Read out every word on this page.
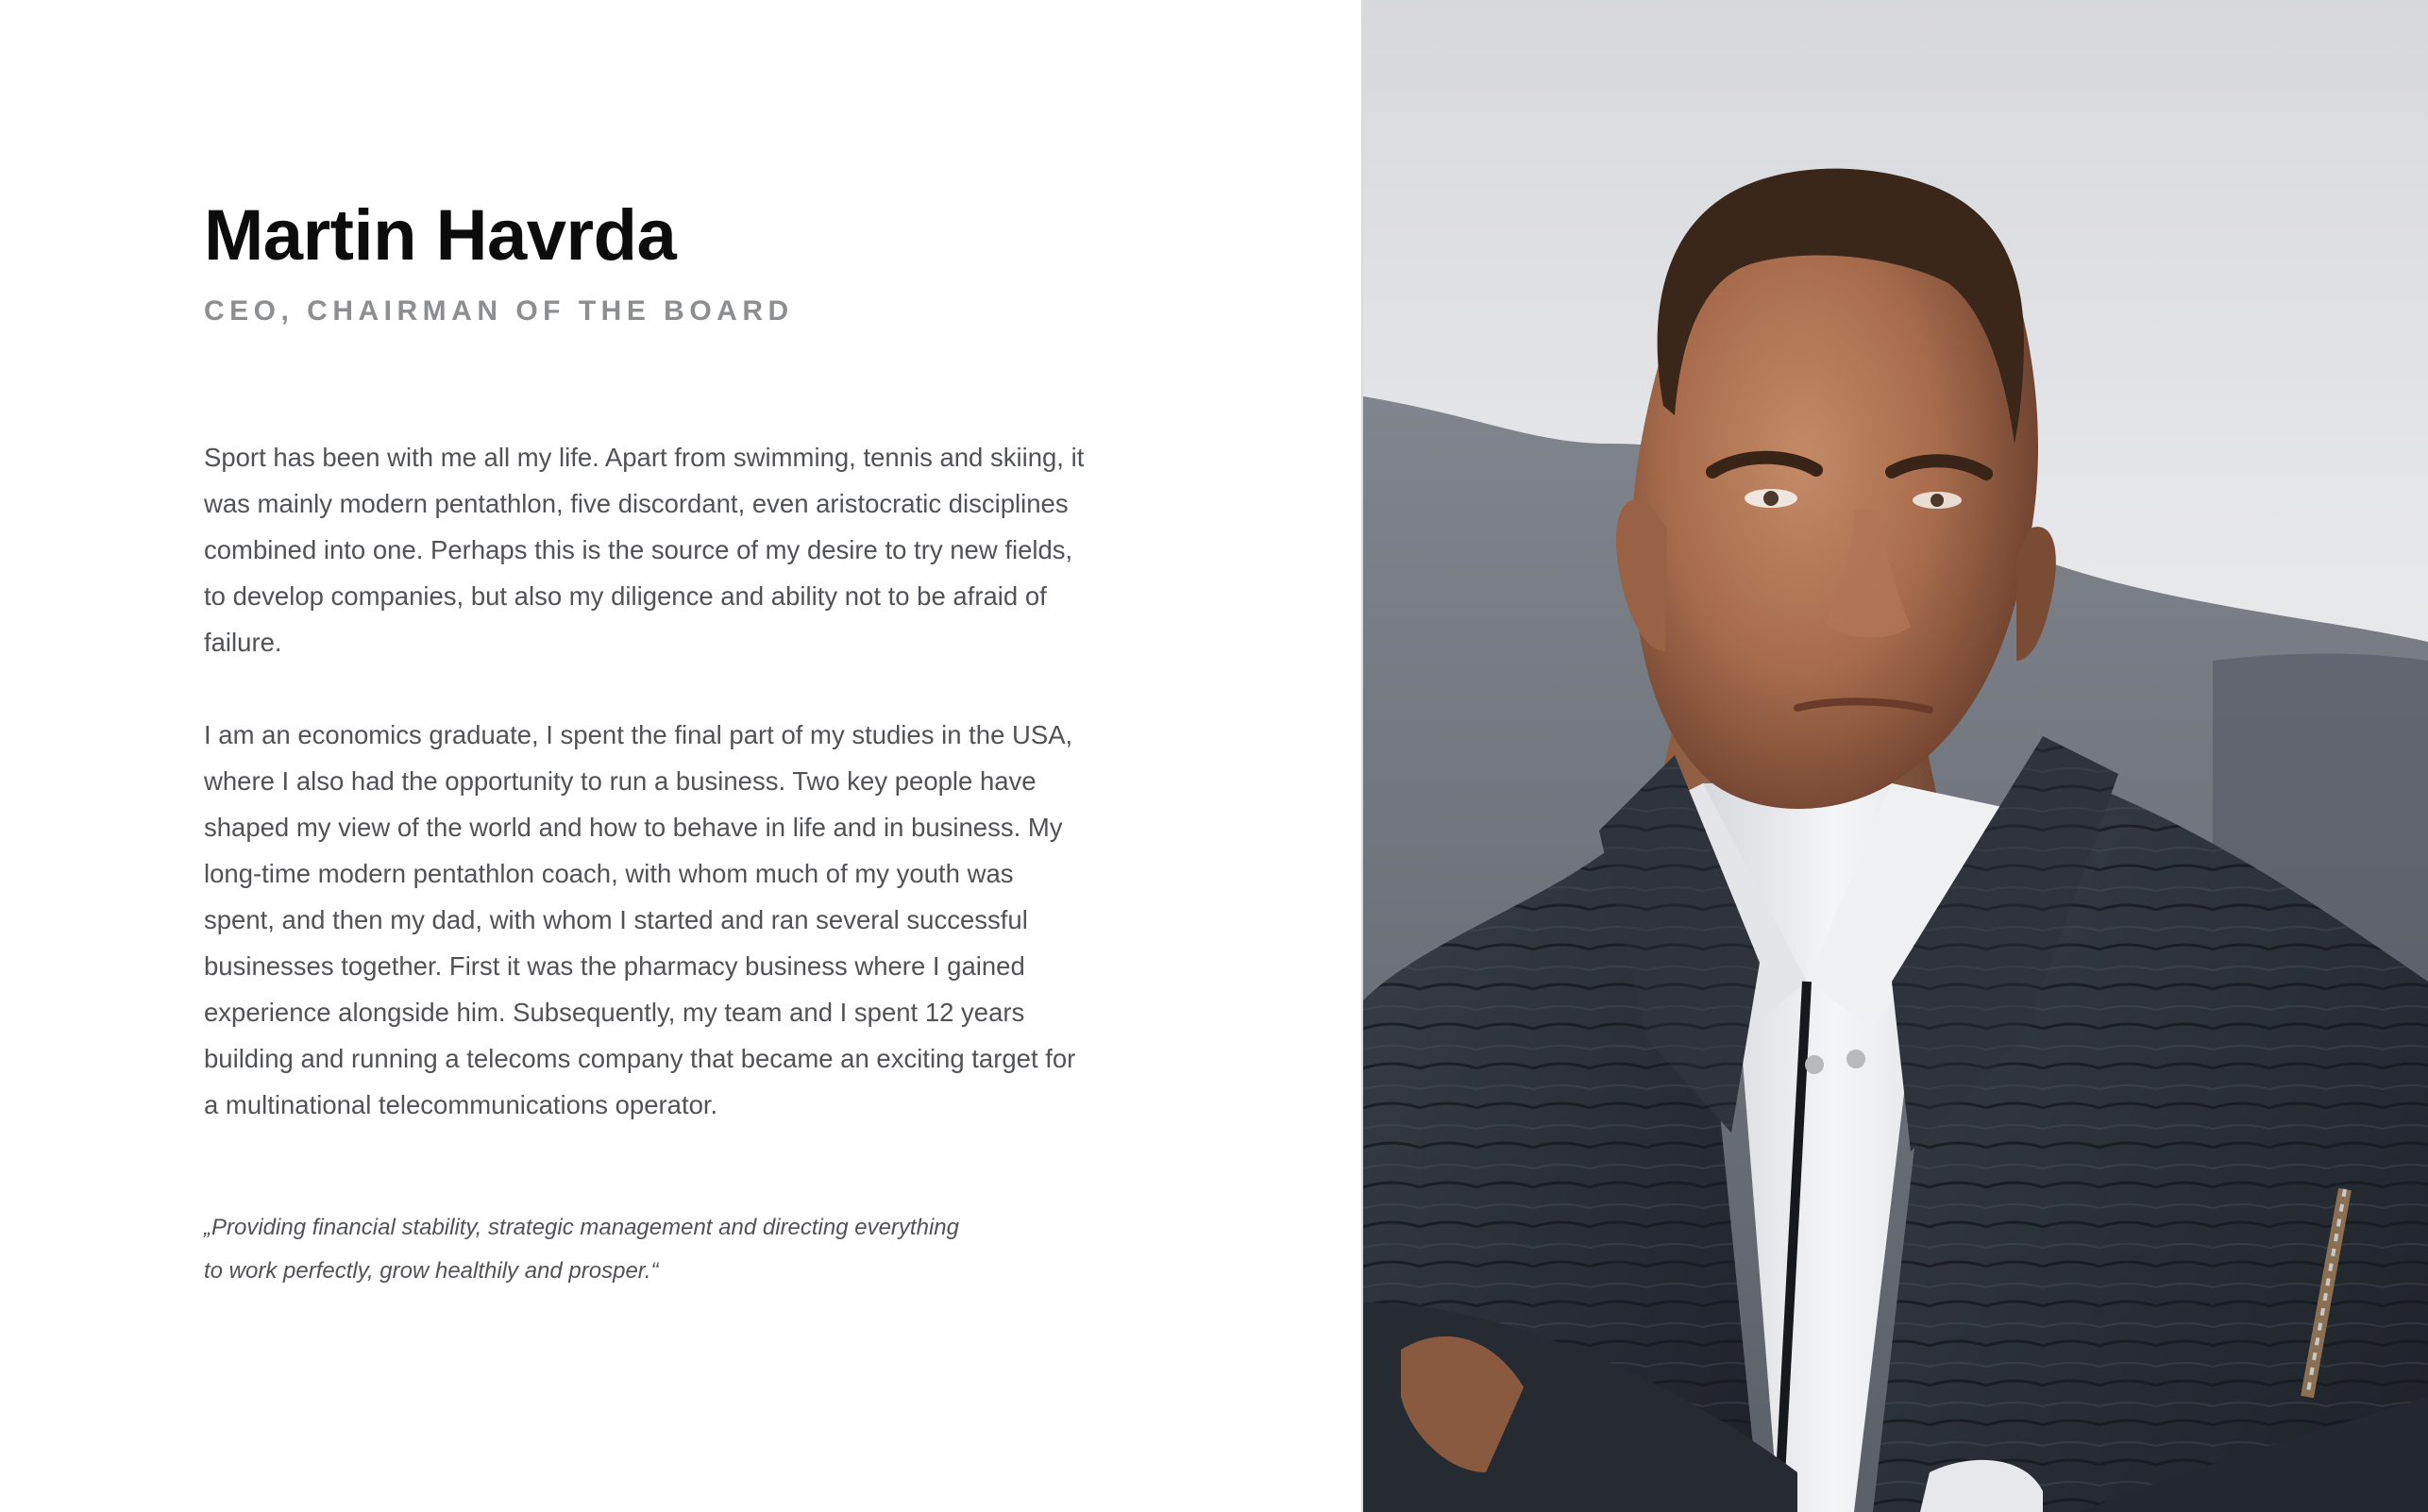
Martin Havrda
CEO, CHAIRMAN OF THE BOARD

Sport has been with me all my life. Apart from swimming, tennis and skiing, it was mainly modern pentathlon, five discordant, even aristocratic disciplines combined into one. Perhaps this is the source of my desire to try new fields, to develop companies, but also my diligence and ability not to be afraid of failure.

I am an economics graduate, I spent the final part of my studies in the USA, where I also had the opportunity to run a business. Two key people have shaped my view of the world and how to behave in life and in business. My long-time modern pentathlon coach, with whom much of my youth was spent, and then my dad, with whom I started and ran several successful businesses together. First it was the pharmacy business where I gained experience alongside him. Subsequently, my team and I spent 12 years building and running a telecoms company that became an exciting target for a multinational telecommunications operator.

„Providing financial stability, strategic management and directing everything to work perfectly, grow healthily and prosper.“
